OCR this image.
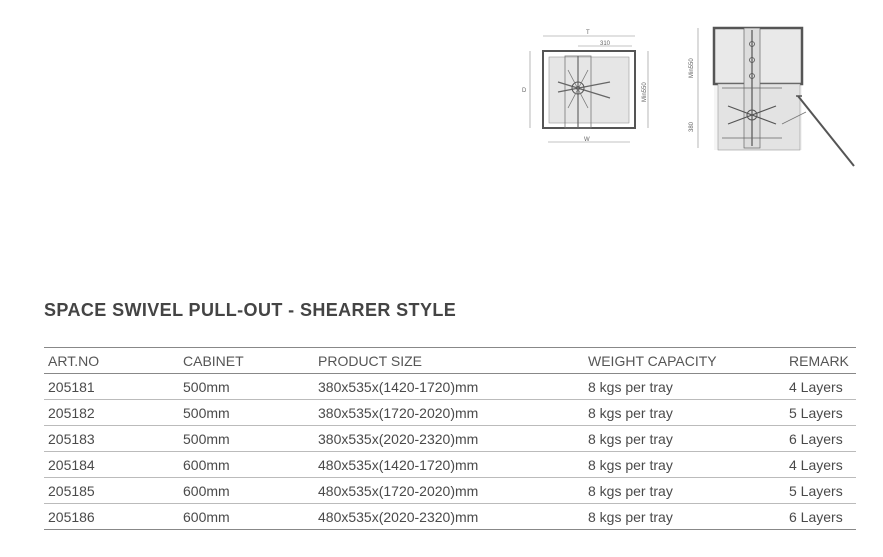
T
310
D	Min550
W
Min550
380
SPACE SWIVEL PULL-OUT - SHEARER STYLE
ART.NO	CABINET	PRODUCT SIZE	WEIGHT CAPACITY	REMARK
205181	500mm	380x535x(1420-1720)mm	8 kgs per tray	4 Layers
205182	500mm	380x535x(1720-2020)mm	8 kgs per tray	5 Layers
205183	500mm	380x535x(2020-2320)mm	8 kgs per tray	6 Layers
205184	600mm	480x535x(1420-1720)mm	8 kgs per tray	4 Layers
205185	600mm	480x535x(1720-2020)mm	8 kgs per tray	5 Layers
205186	600mm	480x535x(2020-2320)mm	8 kgs per tray	6 Layers
